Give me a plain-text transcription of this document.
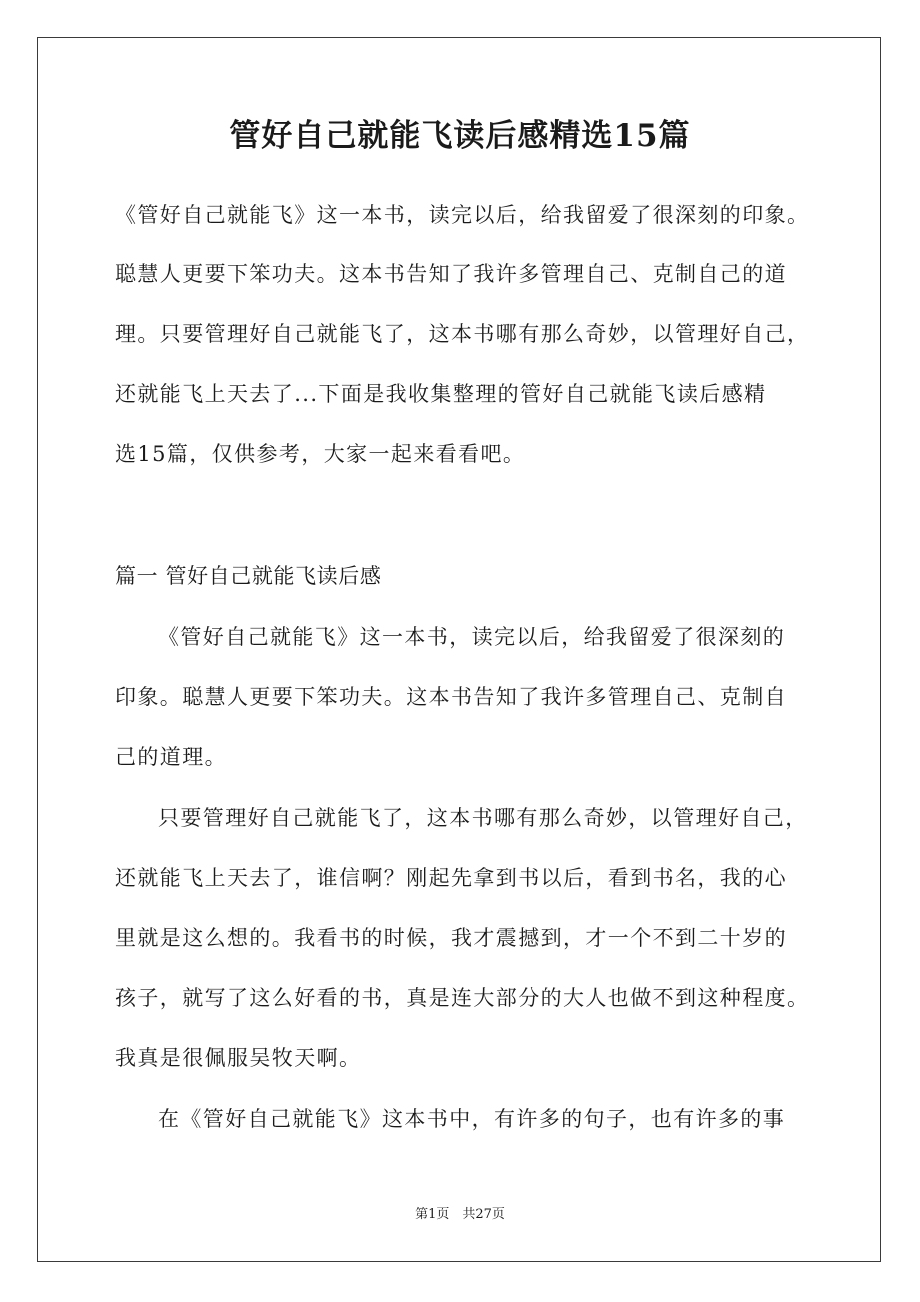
管好自己就能飞读后感精选15篇
《管好自己就能飞》这一本书，读完以后，给我留爱了很深刻的印象。
聪慧人更要下笨功夫。这本书告知了我许多管理自己、克制自己的道
理。只要管理好自己就能飞了，这本书哪有那么奇妙，以管理好自己，
还就能飞上天去了...下面是我收集整理的管好自己就能飞读后感精
选15篇，仅供参考，大家一起来看看吧。
篇一 管好自己就能飞读后感
《管好自己就能飞》这一本书，读完以后，给我留爱了很深刻的
印象。聪慧人更要下笨功夫。这本书告知了我许多管理自己、克制自
己的道理。
只要管理好自己就能飞了，这本书哪有那么奇妙，以管理好自己，
还就能飞上天去了，谁信啊？刚起先拿到书以后，看到书名，我的心
里就是这么想的。我看书的时候，我才震撼到，才一个不到二十岁的
孩子，就写了这么好看的书，真是连大部分的大人也做不到这种程度。
我真是很佩服吴牧天啊。
在《管好自己就能飞》这本书中，有许多的句子，也有许多的事
第1页　共27页
